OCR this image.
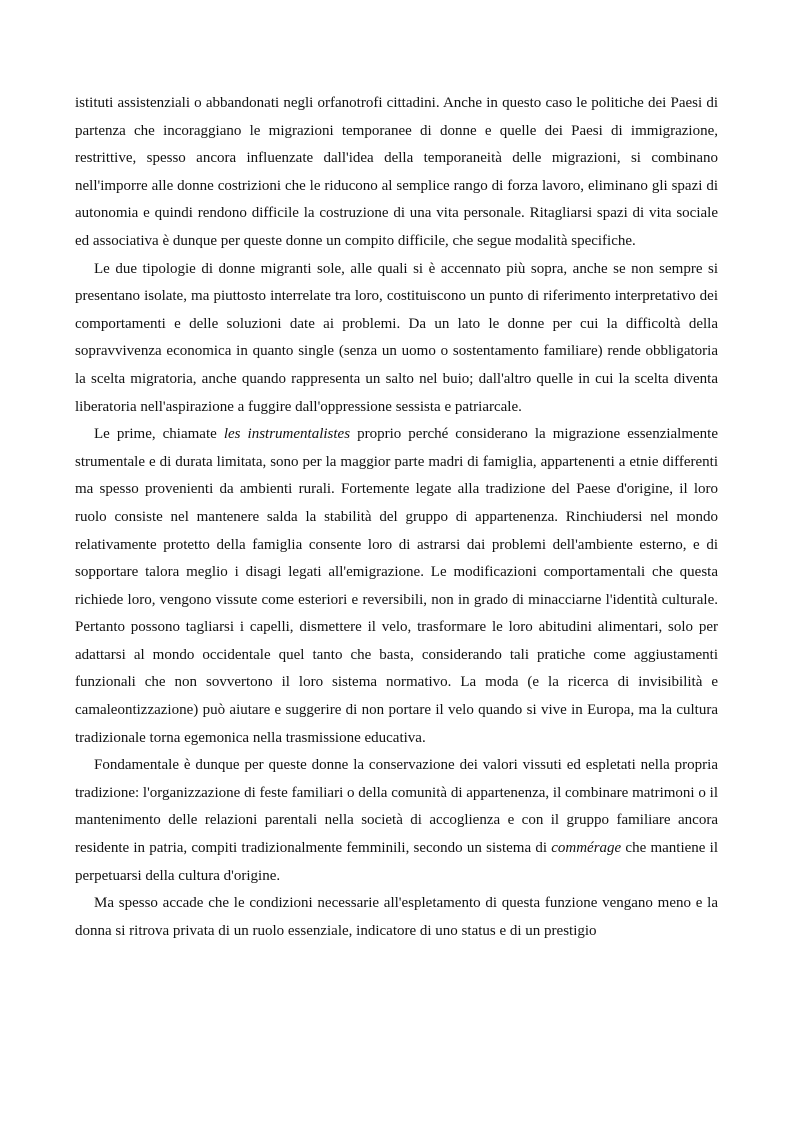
istituti assistenziali o abbandonati negli orfanotrofi cittadini. Anche in questo caso le politiche dei Paesi di partenza che incoraggiano le migrazioni temporanee di donne e quelle dei Paesi di immigrazione, restrittive, spesso ancora influenzate dall'idea della temporaneità delle migrazioni, si combinano nell'imporre alle donne costrizioni che le riducono al semplice rango di forza lavoro, eliminano gli spazi di autonomia e quindi rendono difficile la costruzione di una vita personale. Ritagliarsi spazi di vita sociale ed associativa è dunque per queste donne un compito difficile, che segue modalità specifiche.

Le due tipologie di donne migranti sole, alle quali si è accennato più sopra, anche se non sempre si presentano isolate, ma piuttosto interrelate tra loro, costituiscono un punto di riferimento interpretativo dei comportamenti e delle soluzioni date ai problemi. Da un lato le donne per cui la difficoltà della sopravvivenza economica in quanto single (senza un uomo o sostentamento familiare) rende obbligatoria la scelta migratoria, anche quando rappresenta un salto nel buio; dall'altro quelle in cui la scelta diventa liberatoria nell'aspirazione a fuggire dall'oppressione sessista e patriarcale.

Le prime, chiamate les instrumentalistes proprio perché considerano la migrazione essenzialmente strumentale e di durata limitata, sono per la maggior parte madri di famiglia, appartenenti a etnie differenti ma spesso provenienti da ambienti rurali. Fortemente legate alla tradizione del Paese d'origine, il loro ruolo consiste nel mantenere salda la stabilità del gruppo di appartenenza. Rinchiudersi nel mondo relativamente protetto della famiglia consente loro di astrarsi dai problemi dell'ambiente esterno, e di sopportare talora meglio i disagi legati all'emigrazione. Le modificazioni comportamentali che questa richiede loro, vengono vissute come esteriori e reversibili, non in grado di minacciarne l'identità culturale. Pertanto possono tagliarsi i capelli, dismettere il velo, trasformare le loro abitudini alimentari, solo per adattarsi al mondo occidentale quel tanto che basta, considerando tali pratiche come aggiustamenti funzionali che non sovvertono il loro sistema normativo. La moda (e la ricerca di invisibilità e camaleontizzazione) può aiutare e suggerire di non portare il velo quando si vive in Europa, ma la cultura tradizionale torna egemonica nella trasmissione educativa.

Fondamentale è dunque per queste donne la conservazione dei valori vissuti ed espletati nella propria tradizione: l'organizzazione di feste familiari o della comunità di appartenenza, il combinare matrimoni o il mantenimento delle relazioni parentali nella società di accoglienza e con il gruppo familiare ancora residente in patria, compiti tradizionalmente femminili, secondo un sistema di commérage che mantiene il perpetuarsi della cultura d'origine.

Ma spesso accade che le condizioni necessarie all'espletamento di questa funzione vengano meno e la donna si ritrova privata di un ruolo essenziale, indicatore di uno status e di un prestigio
